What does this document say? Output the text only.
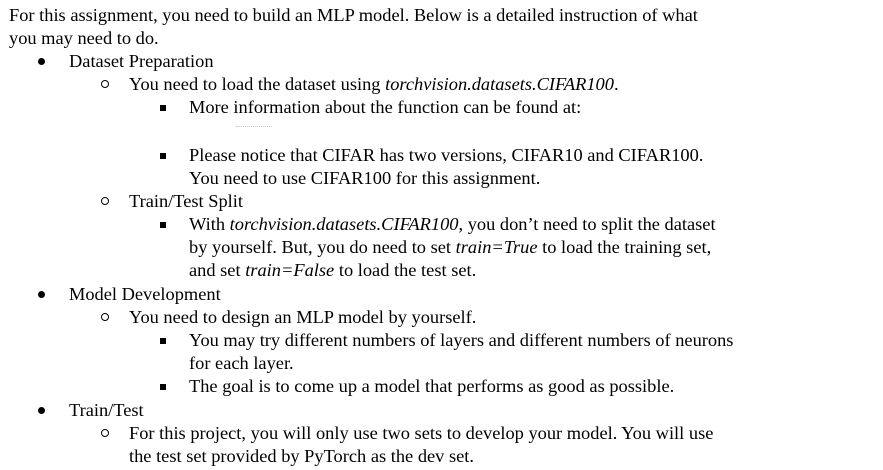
For this assignment, you need to build an MLP model. Below is a detailed instruction of what
you may need to do.
Dataset Preparation
You need to load the dataset using torchvision.datasets.CIFAR100.
More information about the function can be found at:
Please notice that CIFAR has two versions, CIFAR10 and CIFAR100.
You need to use CIFAR100 for this assignment.
Train/Test Split
With torchvision.datasets.CIFAR100, you don’t need to split the dataset
by yourself. But, you do need to set train=True to load the training set,
and set train=False to load the test set.
Model Development
You need to design an MLP model by yourself.
You may try different numbers of layers and different numbers of neurons
for each layer.
The goal is to come up a model that performs as good as possible.
Train/Test
For this project, you will only use two sets to develop your model. You will use
the test set provided by PyTorch as the dev set.
